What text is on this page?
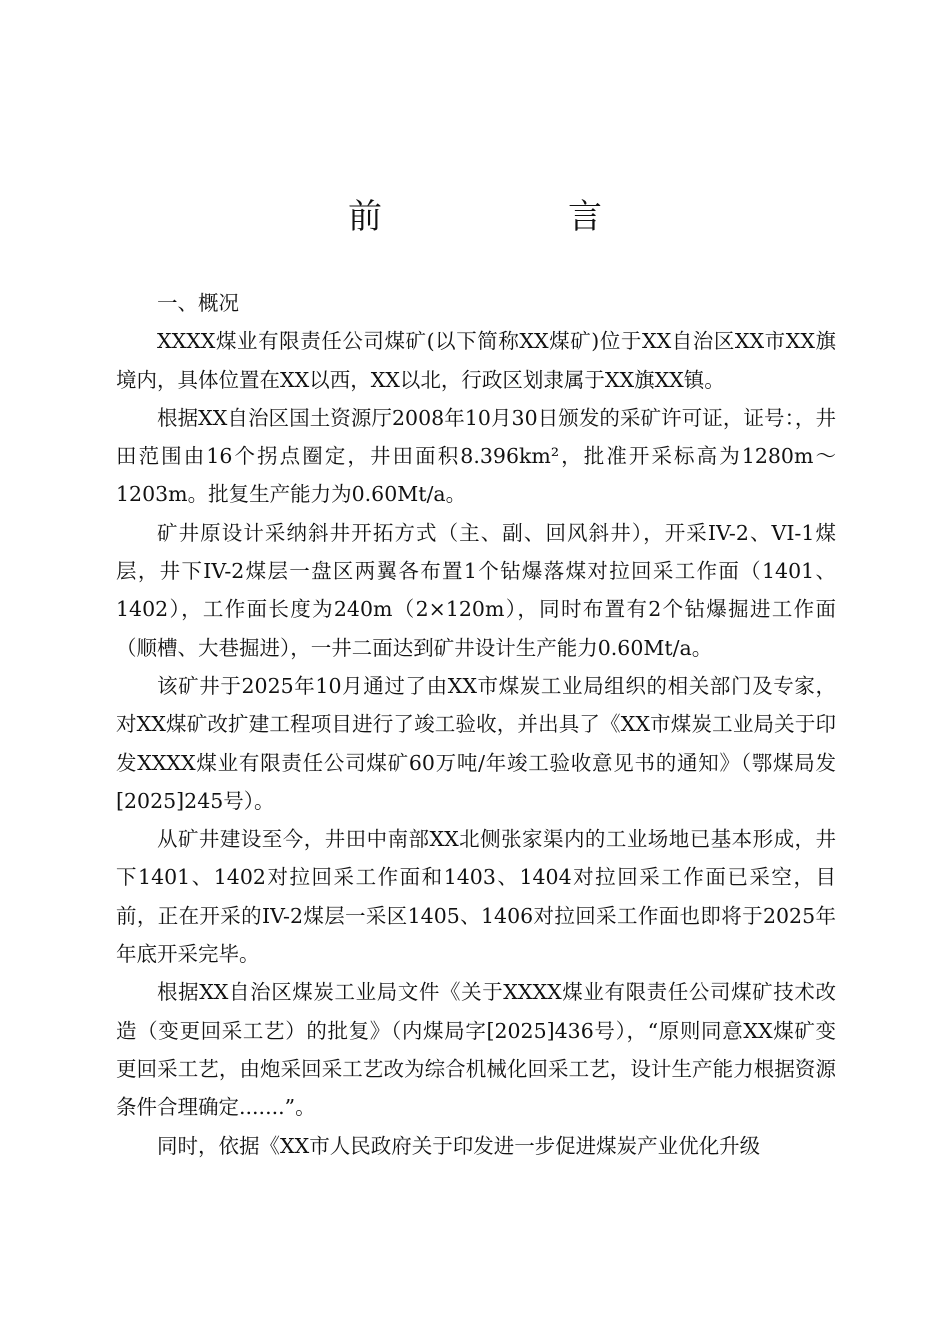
前　言

一、概况

XXXX煤业有限责任公司煤矿(以下简称XX煤矿)位于XX自治区XX市XX旗境内，具体位置在XX以西，XX以北，行政区划隶属于XX旗XX镇。

根据XX自治区国土资源厅2008年10月30日颁发的采矿许可证，证号：，井田范围由16个拐点圈定，井田面积8.396km²，批准开采标高为1280m～1203m。批复生产能力为0.60Mt/a。

矿井原设计采纳斜井开拓方式（主、副、回风斜井），开采IV-2、VI-1煤层，井下IV-2煤层一盘区两翼各布置1个钻爆落煤对拉回采工作面（1401、1402），工作面长度为240m（2×120m），同时布置有2个钻爆掘进工作面（顺槽、大巷掘进），一井二面达到矿井设计生产能力0.60Mt/a。

该矿井于2025年10月通过了由XX市煤炭工业局组织的相关部门及专家，对XX煤矿改扩建工程项目进行了竣工验收，并出具了《XX市煤炭工业局关于印发XXXX煤业有限责任公司煤矿60万吨/年竣工验收意见书的通知》（鄂煤局发[2025]245号）。

从矿井建设至今，井田中南部XX北侧张家渠内的工业场地已基本形成，井下1401、1402对拉回采工作面和1403、1404对拉回采工作面已采空，目前，正在开采的IV-2煤层一采区1405、1406对拉回采工作面也即将于2025年年底开采完毕。

根据XX自治区煤炭工业局文件《关于XXXX煤业有限责任公司煤矿技术改造（变更回采工艺）的批复》（内煤局字[2025]436号），“原则同意XX煤矿变更回采工艺，由炮采回采工艺改为综合机械化回采工艺，设计生产能力根据资源条件合理确定.......”。

同时，依据《XX市人民政府关于印发进一步促进煤炭产业优化升级
